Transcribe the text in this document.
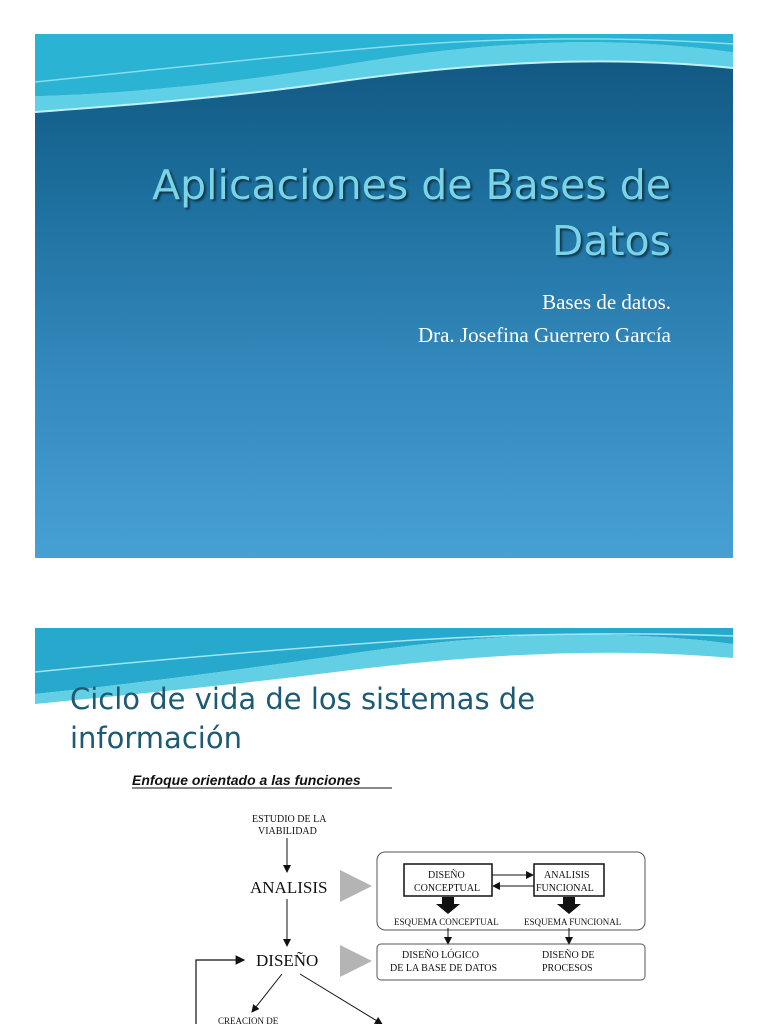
Aplicaciones de Bases de
Datos
Bases de datos.
Dra. Josefina Guerrero García
Ciclo de vida de los sistemas de
información
Enfoque orientado a las funciones
ESTUDIO DE LA
VIABILIDAD
ANALISIS
DISEÑO
CONCEPTUAL
ANALISIS
FUNCIONAL
ESQUEMA CONCEPTUAL	ESQUEMA FUNCIONAL
DISEÑO	DISEÑO LÓGICO
DE LA BASE DE DATOS
DISEÑO DE
PROCESOS
CREACION DE
